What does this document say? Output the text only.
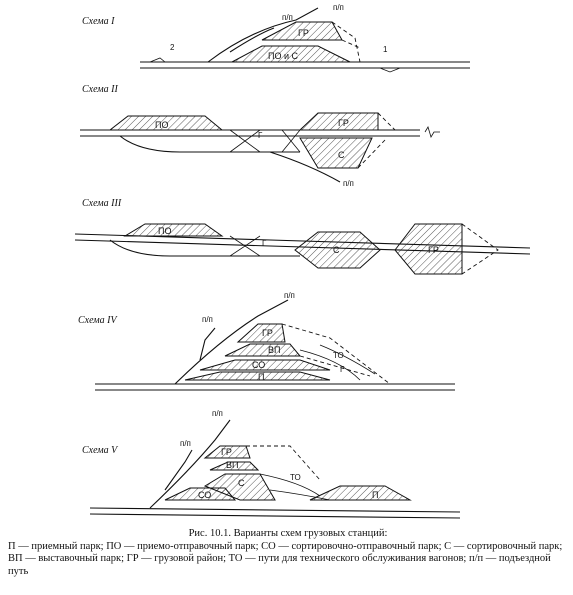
Схема I
ГР
ПО и С
п/п
п/п
2	1
Схема II
ПО	ГР
С
Г
п/п
Схема III
ПО
С	ГР
Г
Схема IV
ГР
ВП
СО
П
п/п
п/п
ТО
Г
Схема V	ГР
ВП
С
СО	П
п/п
п/п
ТО
Рис. 10.1. Варианты схем грузовых станций:
П — приемный парк; ПО — приемо-отправочный парк; СО — сортировочно-отправочный парк; С — сортировочный парк; ВП — выставочный парк; ГР — грузовой район; ТО — пути для технического обслуживания вагонов; п/п — подъездной путь
